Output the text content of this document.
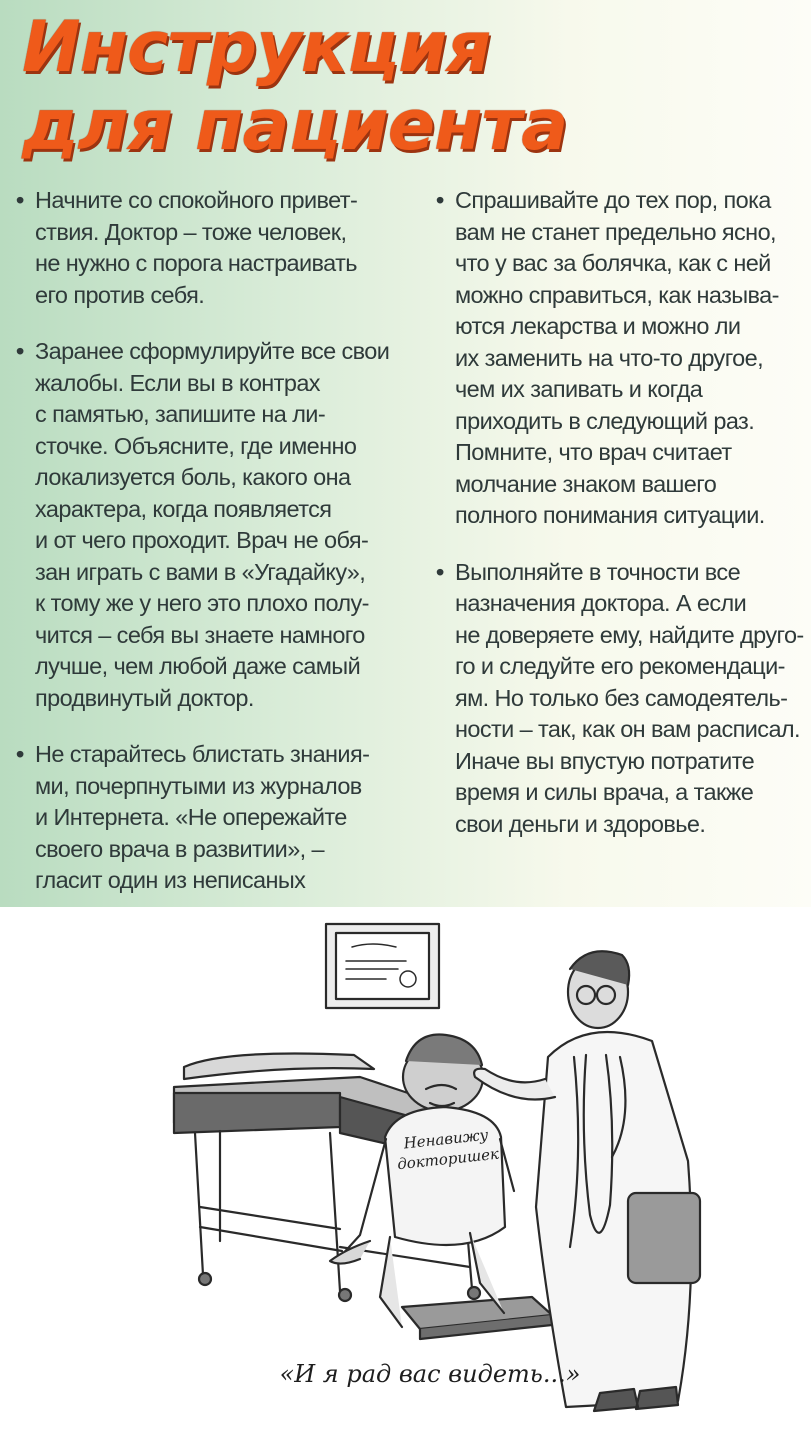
Инструкция
для пациента
• Начните со спокойного привет-
ствия. Доктор – тоже человек,
не нужно с порога настраивать
его против себя.
• Заранее сформулируйте все свои
жалобы. Если вы в контрах
с памятью, запишите на ли-
сточке. Объясните, где именно
локализуется боль, какого она
характера, когда появляется
и от чего проходит. Врач не обя-
зан играть с вами в «Угадайку»,
к тому же у него это плохо полу-
чится – себя вы знаете намного
лучше, чем любой даже самый
продвинутый доктор.
• Не старайтесь блистать знания-
ми, почерпнутыми из журналов
и Интернета. «Не опережайте
своего врача в развитии», –
гласит один из неписаных
• Спрашивайте до тех пор, пока
вам не станет предельно ясно,
что у вас за болячка, как с ней
можно справиться, как называ-
ются лекарства и можно ли
их заменить на что-то другое,
чем их запивать и когда
приходить в следующий раз.
Помните, что врач считает
молчание знаком вашего
полного понимания ситуации.
• Выполняйте в точности все
назначения доктора. А если
не доверяете ему, найдите друго-
го и следуйте его рекомендаци-
ям. Но только без самодеятель-
ности – так, как он вам расписал.
Иначе вы впустую потратите
время и силы врача, а также
свои деньги и здоровье.
Ненавижу
докторишек
«И я рад вас видеть...»
